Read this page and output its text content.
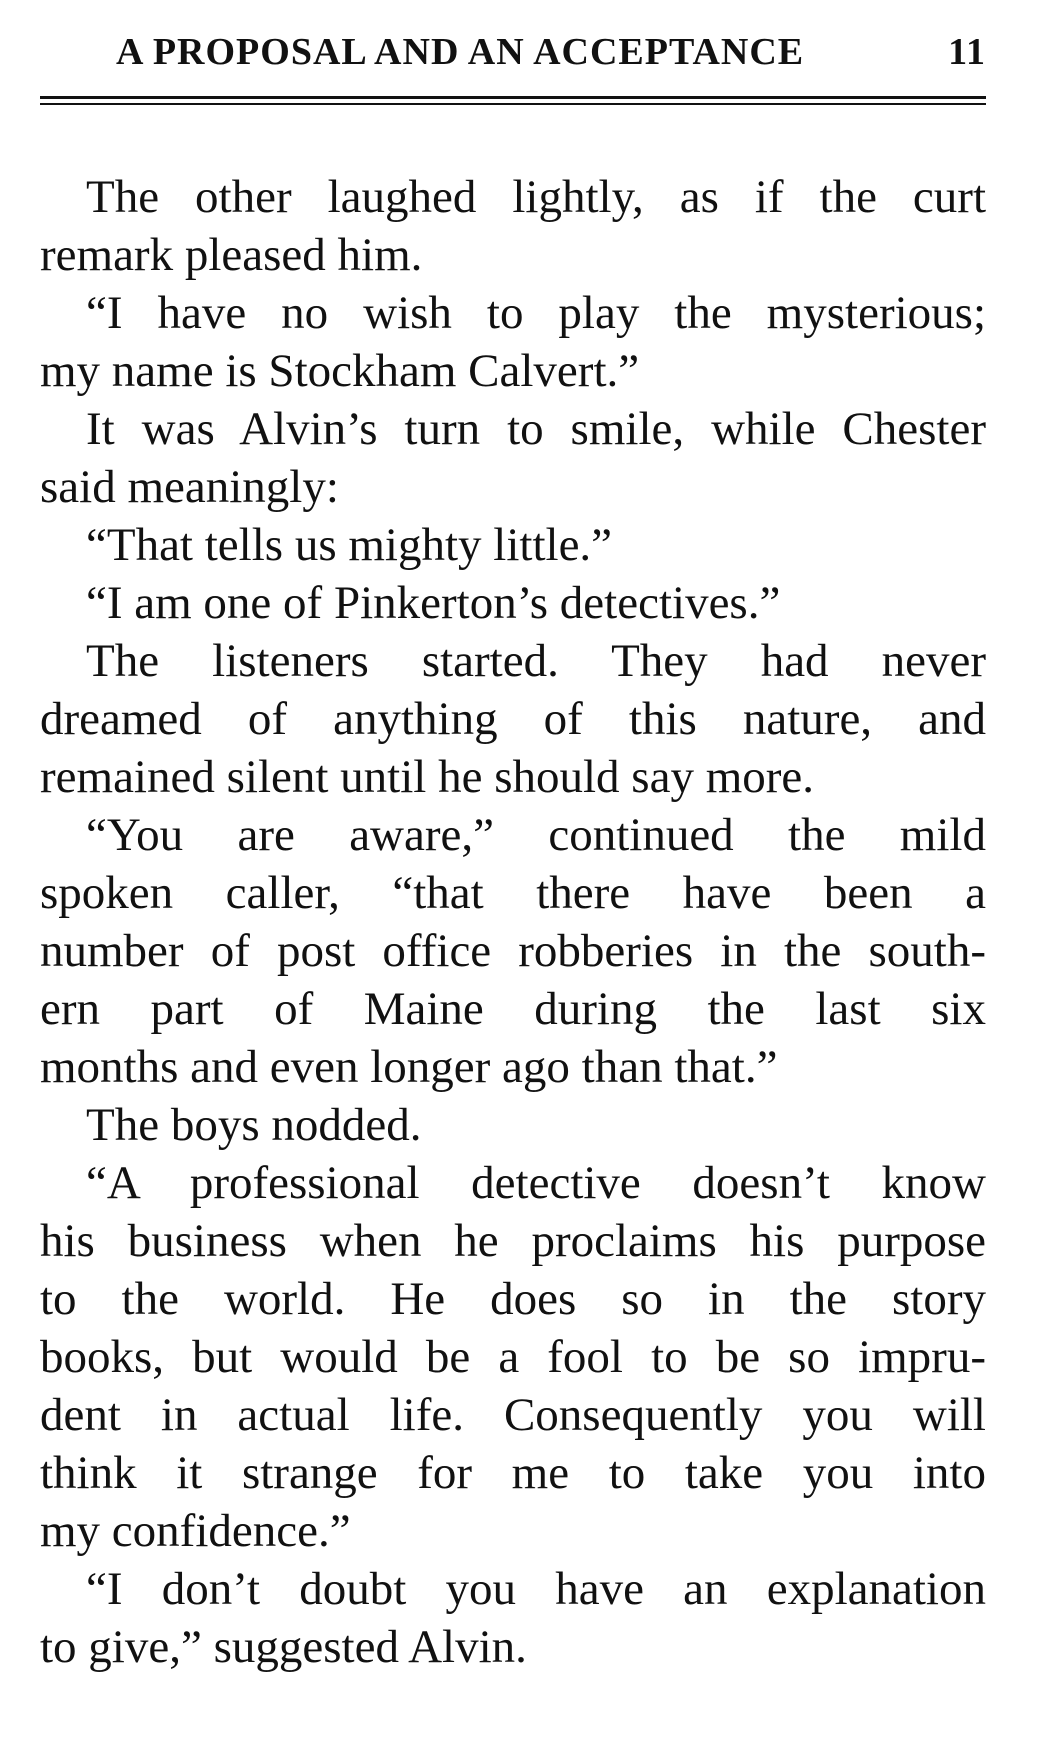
A PROPOSAL AND AN ACCEPTANCE	11
The other laughed lightly, as if the curt
remark pleased him.
“I have no wish to play the mysterious;
my name is Stockham Calvert.”
It was Alvin’s turn to smile, while Chester
said meaningly:
“That tells us mighty little.”
“I am one of Pinkerton’s detectives.”
The listeners started. They had never
dreamed of anything of this nature, and
remained silent until he should say more.
“You are aware,” continued the mild
spoken caller, “that there have been a
number of post office robberies in the south-
ern part of Maine during the last six
months and even longer ago than that.”
The boys nodded.
“A professional detective doesn’t know
his business when he proclaims his purpose
to the world. He does so in the story
books, but would be a fool to be so impru-
dent in actual life. Consequently you will
think it strange for me to take you into
my confidence.”
“I don’t doubt you have an explanation
to give,” suggested Alvin.
